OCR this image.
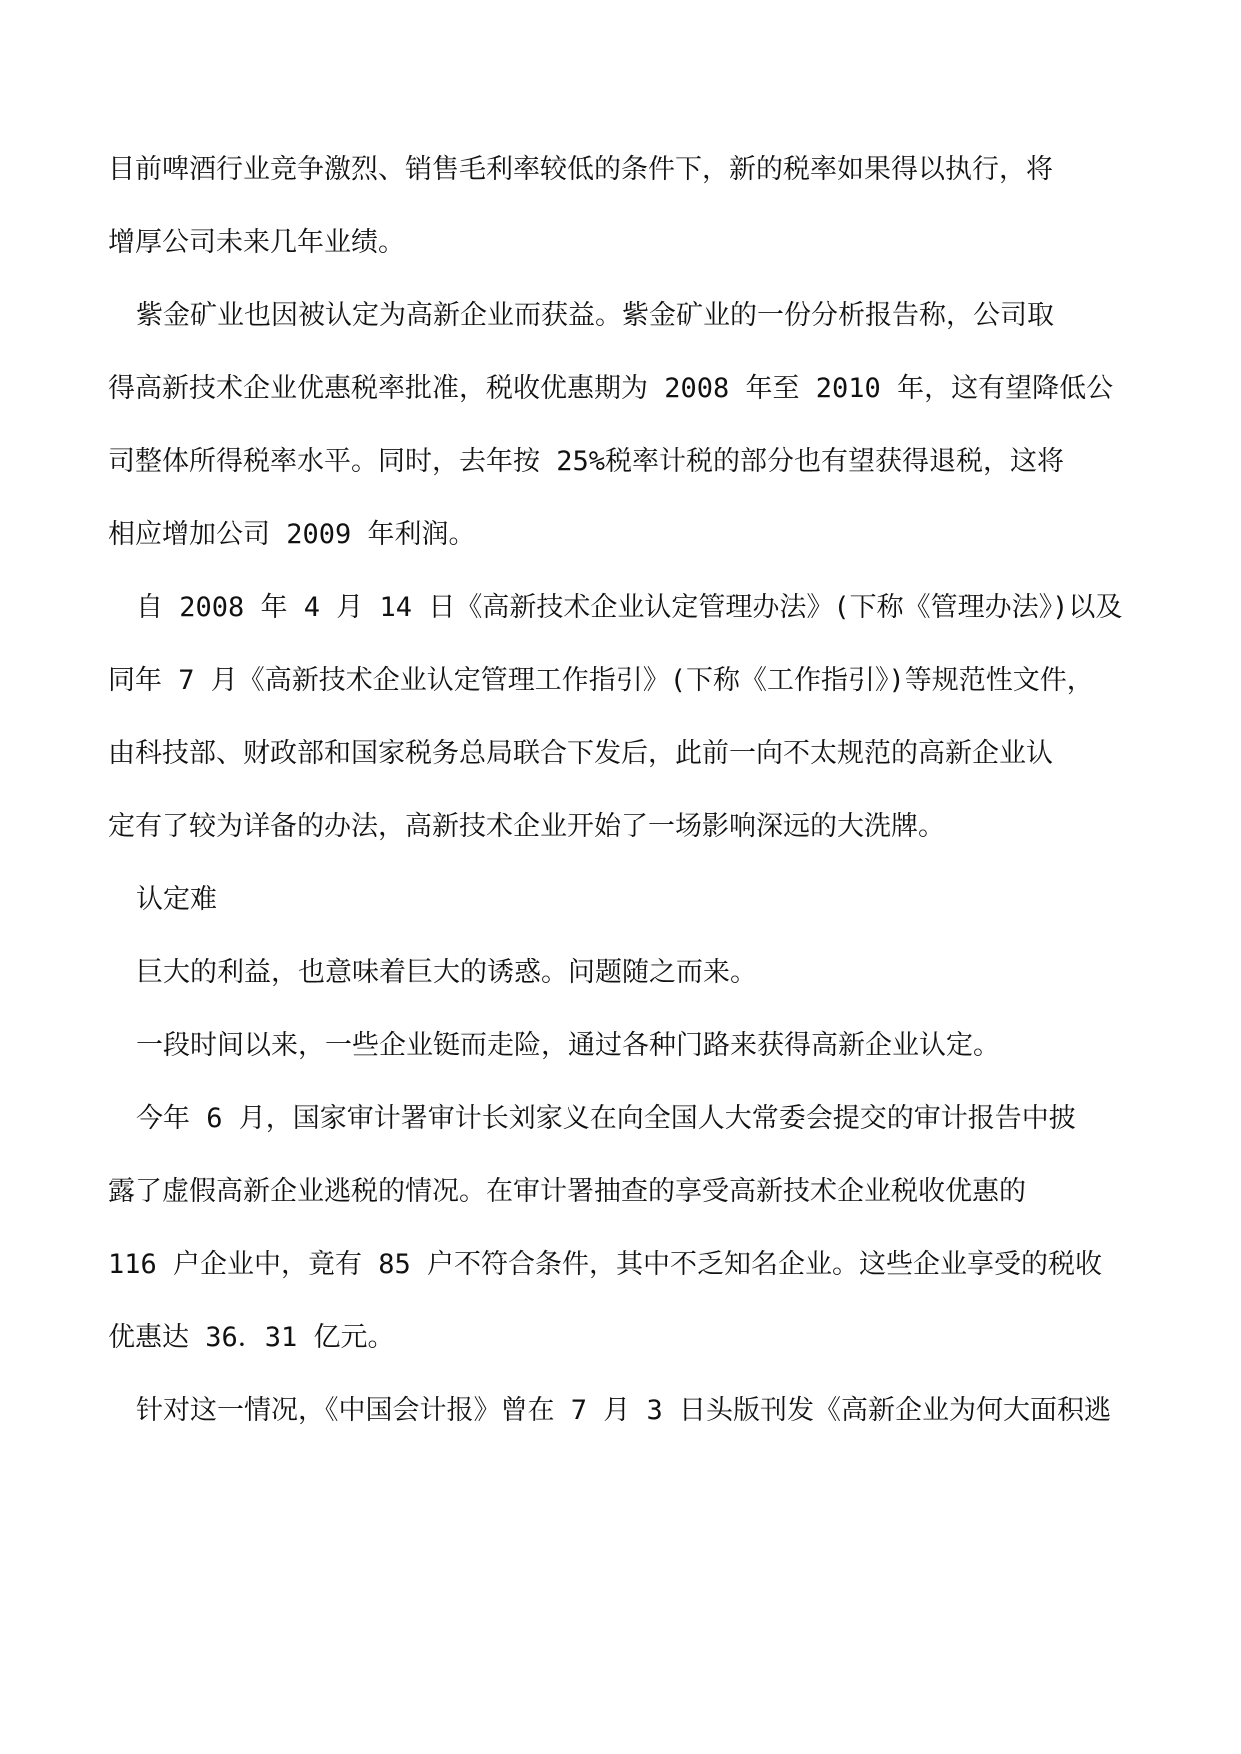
目前啤酒行业竞争激烈、销售毛利率较低的条件下，新的税率如果得以执行，将
增厚公司未来几年业绩。
紫金矿业也因被认定为高新企业而获益。紫金矿业的一份分析报告称，公司取
得高新技术企业优惠税率批准，税收优惠期为 2008 年至 2010 年，这有望降低公
司整体所得税率水平。同时，去年按 25%税率计税的部分也有望获得退税，这将
相应增加公司 2009 年利润。
自 2008 年 4 月 14 日《高新技术企业认定管理办法》(下称《管理办法》)以及
同年 7 月《高新技术企业认定管理工作指引》(下称《工作指引》)等规范性文件，
由科技部、财政部和国家税务总局联合下发后，此前一向不太规范的高新企业认
定有了较为详备的办法，高新技术企业开始了一场影响深远的大洗牌。
认定难
巨大的利益，也意味着巨大的诱惑。问题随之而来。
一段时间以来，一些企业铤而走险，通过各种门路来获得高新企业认定。
今年 6 月，国家审计署审计长刘家义在向全国人大常委会提交的审计报告中披
露了虚假高新企业逃税的情况。在审计署抽查的享受高新技术企业税收优惠的
116 户企业中，竟有 85 户不符合条件，其中不乏知名企业。这些企业享受的税收
优惠达 36．31 亿元。
针对这一情况，《中国会计报》曾在 7 月 3 日头版刊发《高新企业为何大面积逃
